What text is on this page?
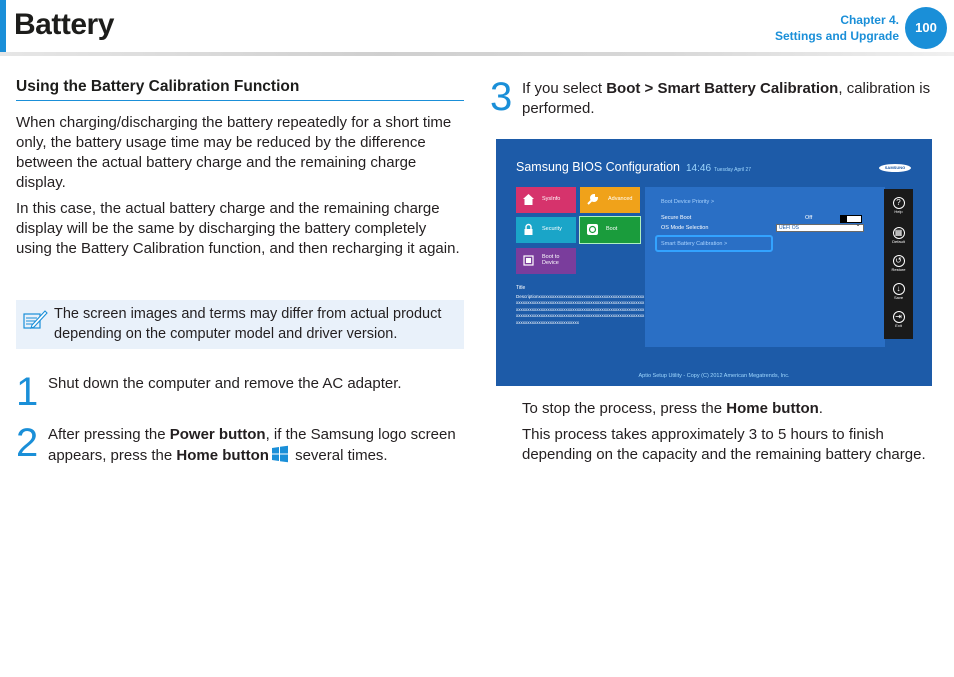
Battery	Chapter 4.
Settings and Upgrade
100
Using the Battery Calibration Function

When charging/discharging the battery repeatedly for a short time only, the battery usage time may be reduced by the difference between the actual battery charge and the remaining charge display.

In this case, the actual battery charge and the remaining charge display will be the same by discharging the battery completely using the Battery Calibration function, and then recharging it again.

The screen images and terms may differ from actual product depending on the computer model and driver version.
1 Shut down the computer and remove the AC adapter.
2 After pressing the Power button, if the Samsung logo screen appears, press the Home button several times.
3 If you select Boot > Smart Battery Calibration, calibration is performed.
Samsung BIOS Configuration 14:46 Tuesday April 27	SAMSUNG
SysInfo	Advanced
Security	Boot
Boot to Device
Boot Device Priority >
Secure Boot	Off
OS Mode Selection
Smart Battery Calibration >
UEFI OS ⌄
Title
Descriptionxxxxxxxxxxxxxxxxxxxxxxxxxxxxxxxxxxxxxxxxxxxxxxxxxxxxxxxxxxxxxxxxxxxxxxxxxxxxxxxxxxxxxxxxxxxxxxxxxxxxxxxxxxxxxxxxxxxxxxxxxxxxxxxxxxxxxxxxxxxxxxxxxxxxxxxxxxxxxxxxxxxxxxxxxxxxxxxxxxxxxxxxxxxxxxxxxxxxxxxxxxxxxxxxxxxxxxxxxxxxxxxxxxxxxxxxxxxxxxxxxxxxxx
?
Help
▦
Default
↺
Restore
↓
Save
⇥
Exit
Aptio Setup Utility - Copy (C) 2012 American Megatrends, Inc.
To stop the process, press the Home button.
This process takes approximately 3 to 5 hours to finish depending on the capacity and the remaining battery charge.
